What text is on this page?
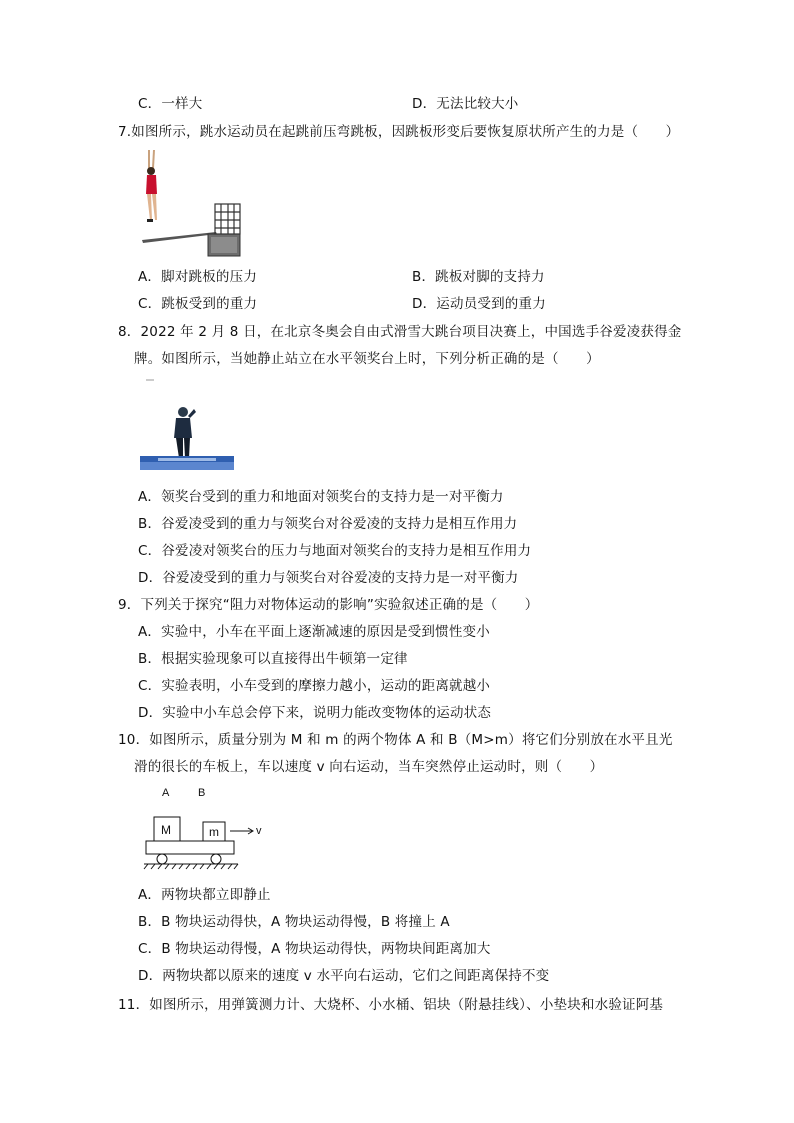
C．一样大	D．无法比较大小
7.如图所示，跳水运动员在起跳前压弯跳板，因跳板形变后要恢复原状所产生的力是（　　）
A．脚对跳板的压力	B．跳板对脚的支持力
C．跳板受到的重力	D．运动员受到的重力
8．2022 年 2 月 8 日，在北京冬奥会自由式滑雪大跳台项目决赛上，中国选手谷爱凌获得金
牌。如图所示，当她静止站立在水平领奖台上时，下列分析正确的是（　　）
A．领奖台受到的重力和地面对领奖台的支持力是一对平衡力
B．谷爱凌受到的重力与领奖台对谷爱凌的支持力是相互作用力
C．谷爱凌对领奖台的压力与地面对领奖台的支持力是相互作用力
D．谷爱凌受到的重力与领奖台对谷爱凌的支持力是一对平衡力
9．下列关于探究“阻力对物体运动的影响”实验叙述正确的是（　　）
A．实验中，小车在平面上逐渐减速的原因是受到惯性变小
B．根据实验现象可以直接得出牛顿第一定律
C．实验表明，小车受到的摩擦力越小，运动的距离就越小
D．实验中小车总会停下来，说明力能改变物体的运动状态
10．如图所示，质量分别为 M 和 m 的两个物体 A 和 B（M>m）将它们分别放在水平且光
滑的很长的车板上，车以速度 v 向右运动，当车突然停止运动时，则（　　）
A	B
M	m	v
A．两物块都立即静止
B．B 物块运动得快，A 物块运动得慢，B 将撞上 A
C．B 物块运动得慢，A 物块运动得快，两物块间距离加大
D．两物块都以原来的速度 v 水平向右运动，它们之间距离保持不变
11．如图所示，用弹簧测力计、大烧杯、小水桶、铝块（附悬挂线）、小垫块和水验证阿基
